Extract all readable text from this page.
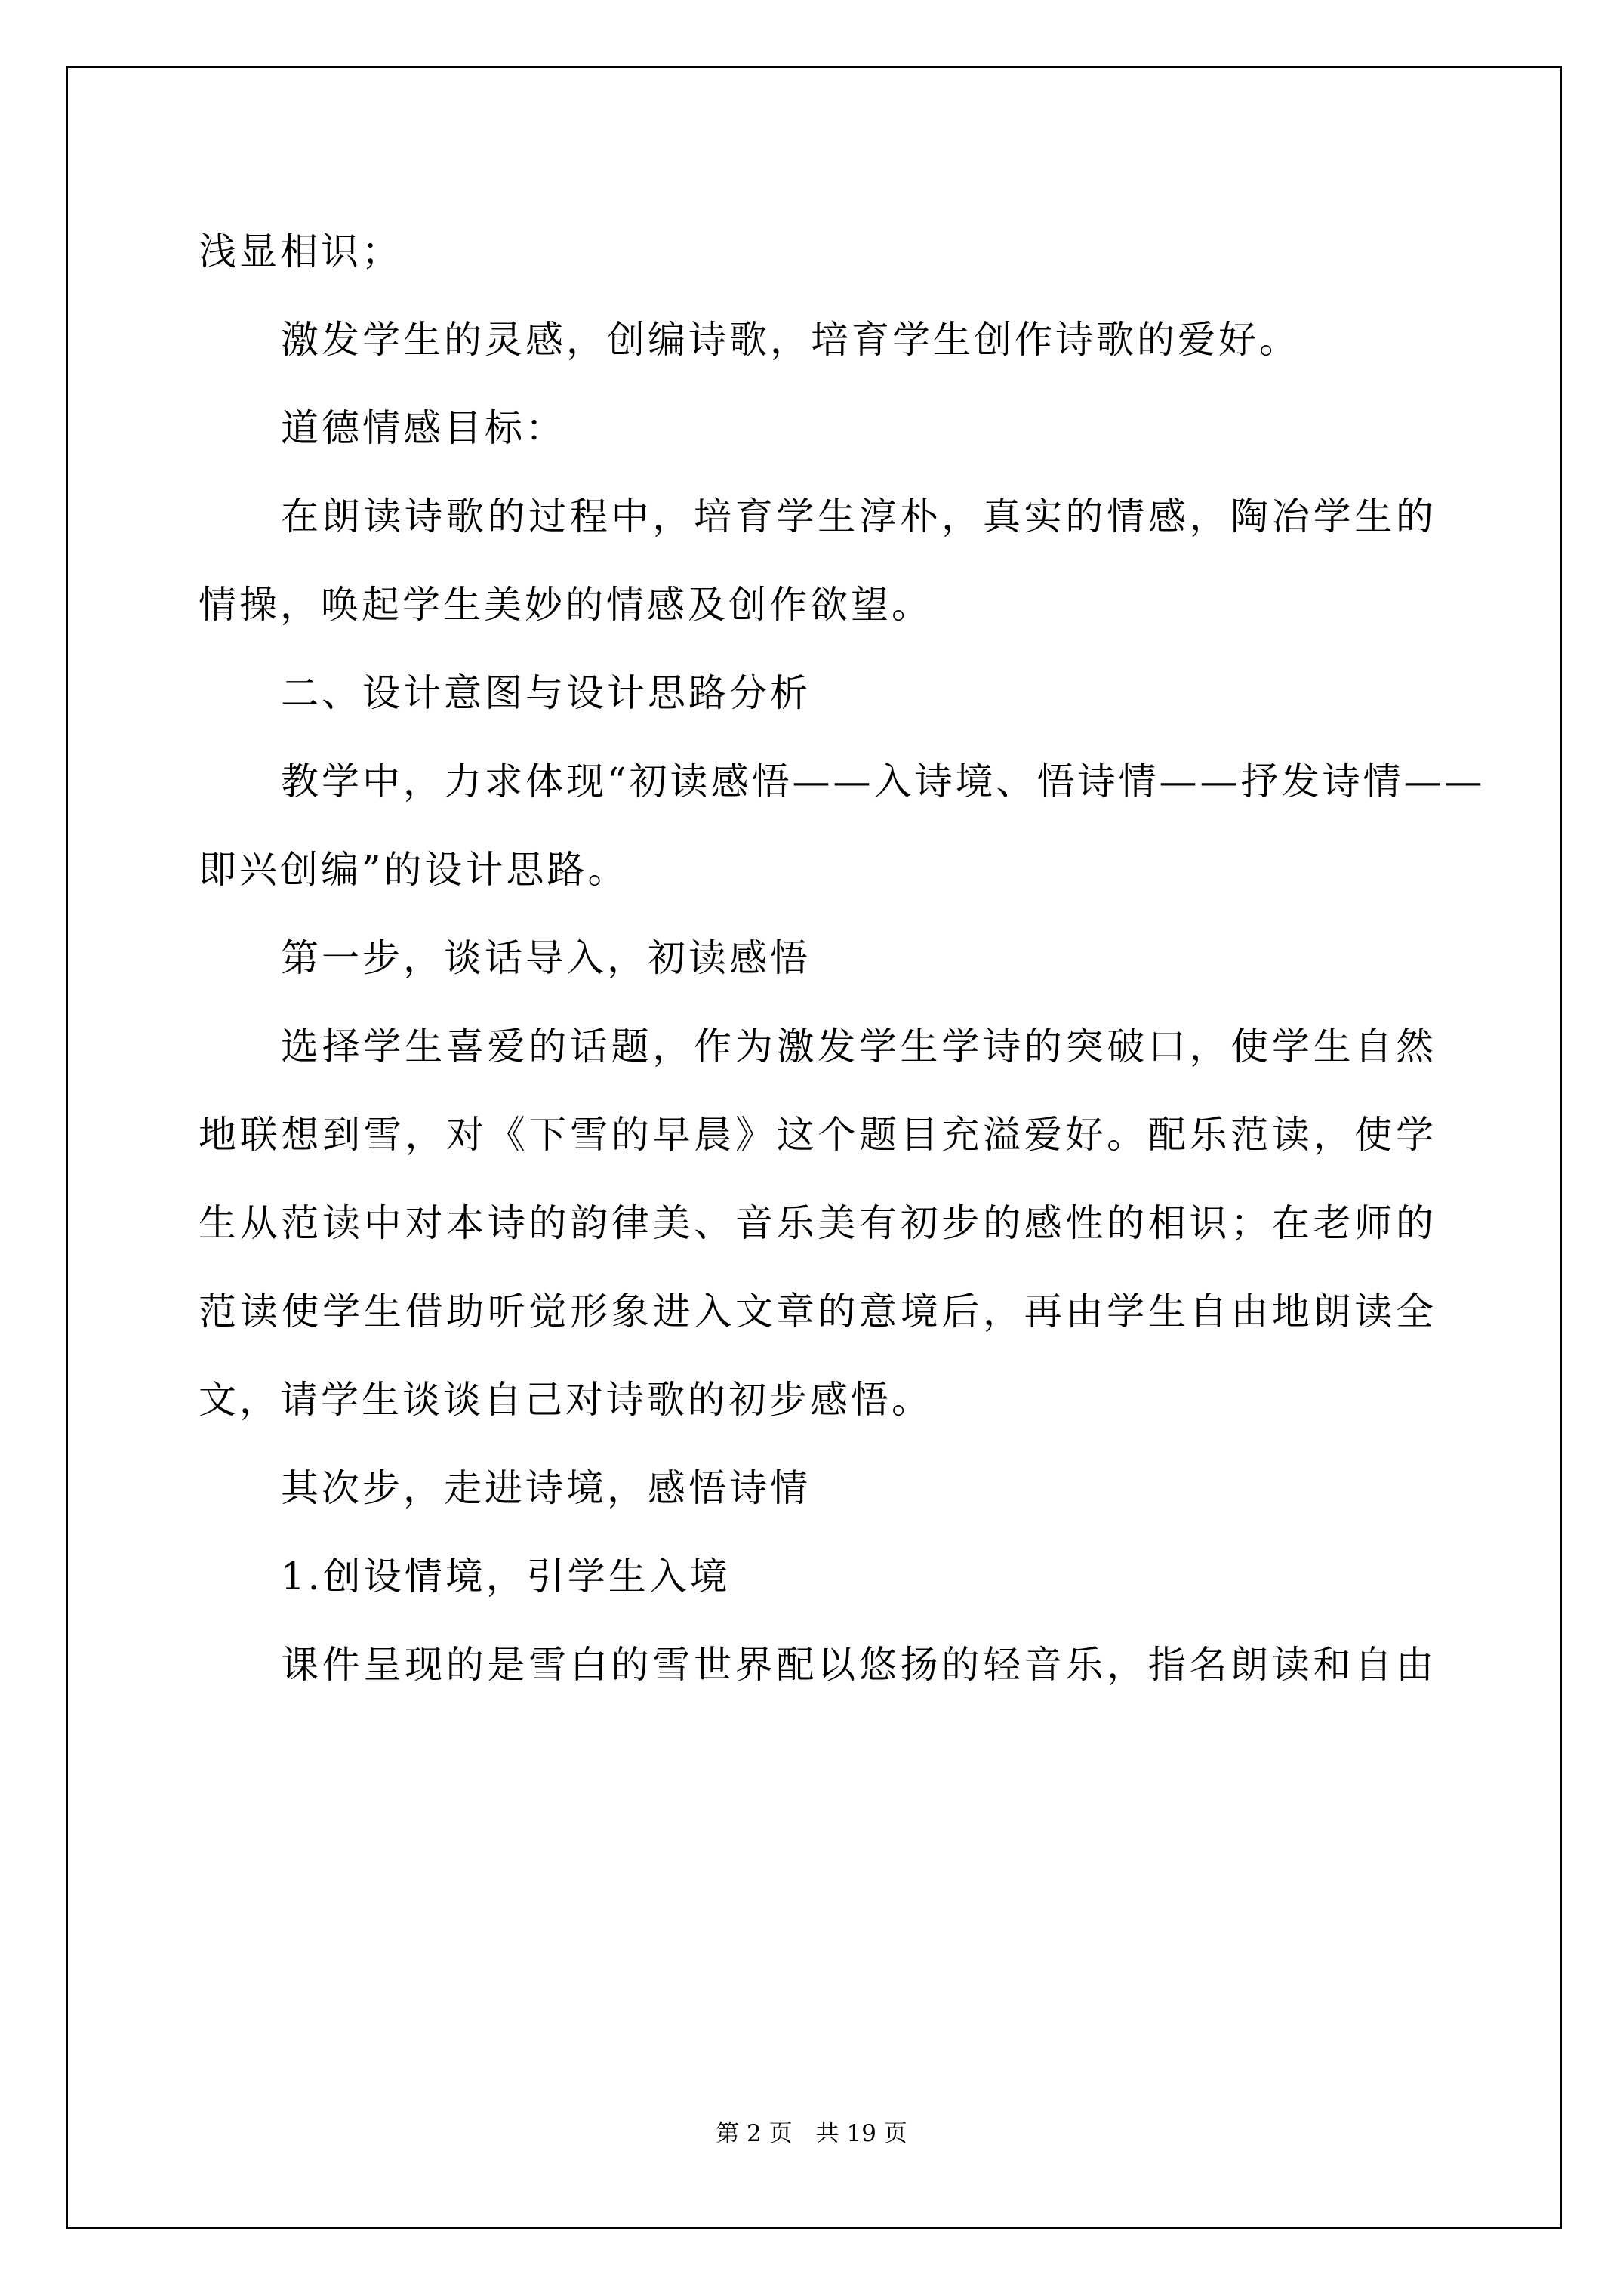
浅显相识；
激发学生的灵感，创编诗歌，培育学生创作诗歌的爱好。
道德情感目标：
在朗读诗歌的过程中，培育学生淳朴，真实的情感，陶冶学生的
情操，唤起学生美妙的情感及创作欲望。
二、设计意图与设计思路分析
教学中，力求体现“初读感悟——入诗境、悟诗情——抒发诗情——
即兴创编”的设计思路。
第一步，谈话导入，初读感悟
选择学生喜爱的话题，作为激发学生学诗的突破口，使学生自然
地联想到雪，对《下雪的早晨》这个题目充溢爱好。配乐范读，使学
生从范读中对本诗的韵律美、音乐美有初步的感性的相识；在老师的
范读使学生借助听觉形象进入文章的意境后，再由学生自由地朗读全
文，请学生谈谈自己对诗歌的初步感悟。
其次步，走进诗境，感悟诗情
1.创设情境，引学生入境
课件呈现的是雪白的雪世界配以悠扬的轻音乐，指名朗读和自由
第 2 页　共 19 页
